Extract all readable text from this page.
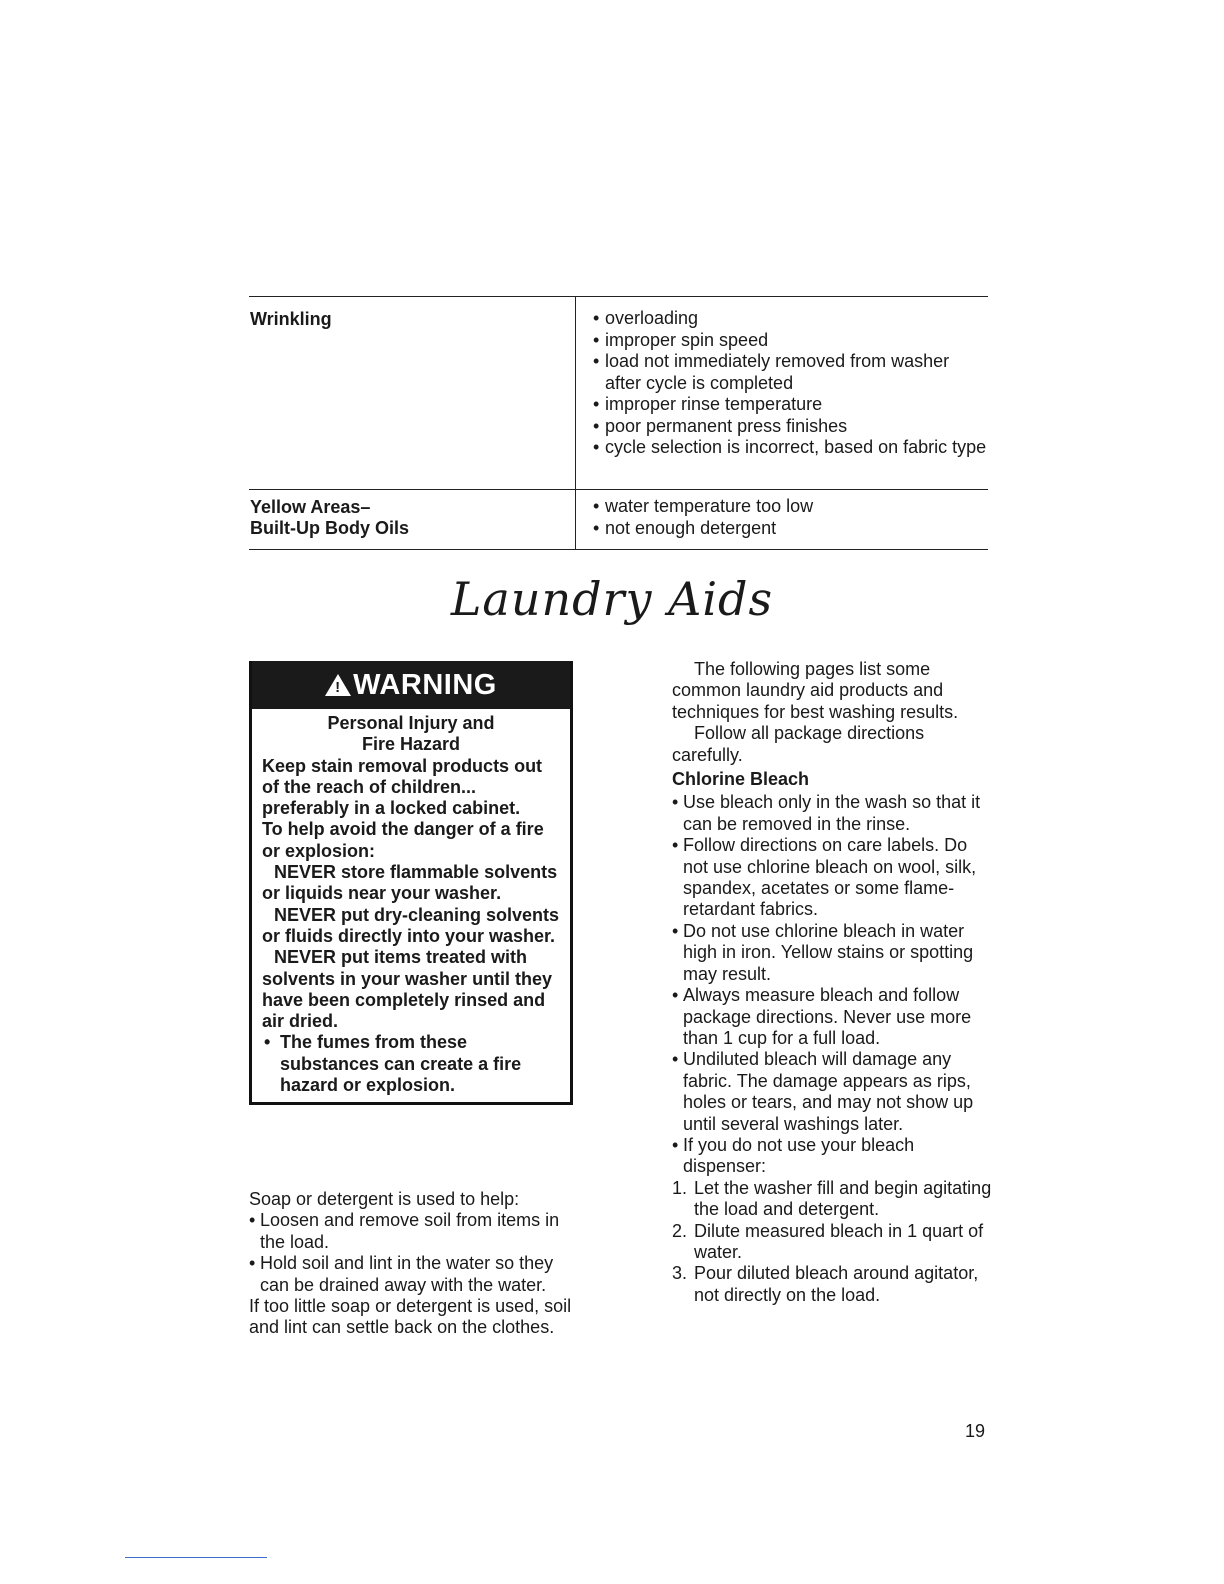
Wrinkling
•	overloading
• improper spin speed
• load not immediately removed from washer after cycle is completed
• improper rinse temperature
• poor permanent press finishes
• cycle selection is incorrect, based on fabric type
Yellow Areas–
Built-Up Body Oils
• water temperature too low
• not enough detergent
Laundry Aids
!
WARNING
Personal Injury and
Fire Hazard
Keep stain removal products out of the reach of children... preferably in a locked cabinet.
To help avoid the danger of a fire or explosion:
NEVER store flammable solvents or liquids near your washer.
NEVER put dry-cleaning solvents or fluids directly into your washer.
NEVER put items treated with solvents in your washer until they have been completely rinsed and air dried.
• The fumes from these substances can create a fire hazard or explosion.

Soap or detergent is used to help:

• Loosen and remove soil from items in the load.
• Hold soil and lint in the water so they can be drained away with the water.

If too little soap or detergent is used, soil and lint can settle back on the clothes.

The following pages list some common laundry aid products and techniques for best washing results.

Follow all package directions carefully.

Chlorine Bleach

• Use bleach only in the wash so that it can be removed in the rinse.
• Follow directions on care labels. Do not use chlorine bleach on wool, silk, spandex, acetates or some flame-retardant fabrics.
• Do not use chlorine bleach in water high in iron. Yellow stains or spotting may result.
• Always measure bleach and follow package directions. Never use more than 1 cup for a full load.
• Undiluted bleach will damage any fabric. The damage appears as rips, holes or tears, and may not show up until several washings later.
• If you do not use your bleach dispenser:
1. Let the washer fill and begin agitating the load and detergent.
2. Dilute measured bleach in 1 quart of water.
3. Pour diluted bleach around agitator, not directly on the load.
19
